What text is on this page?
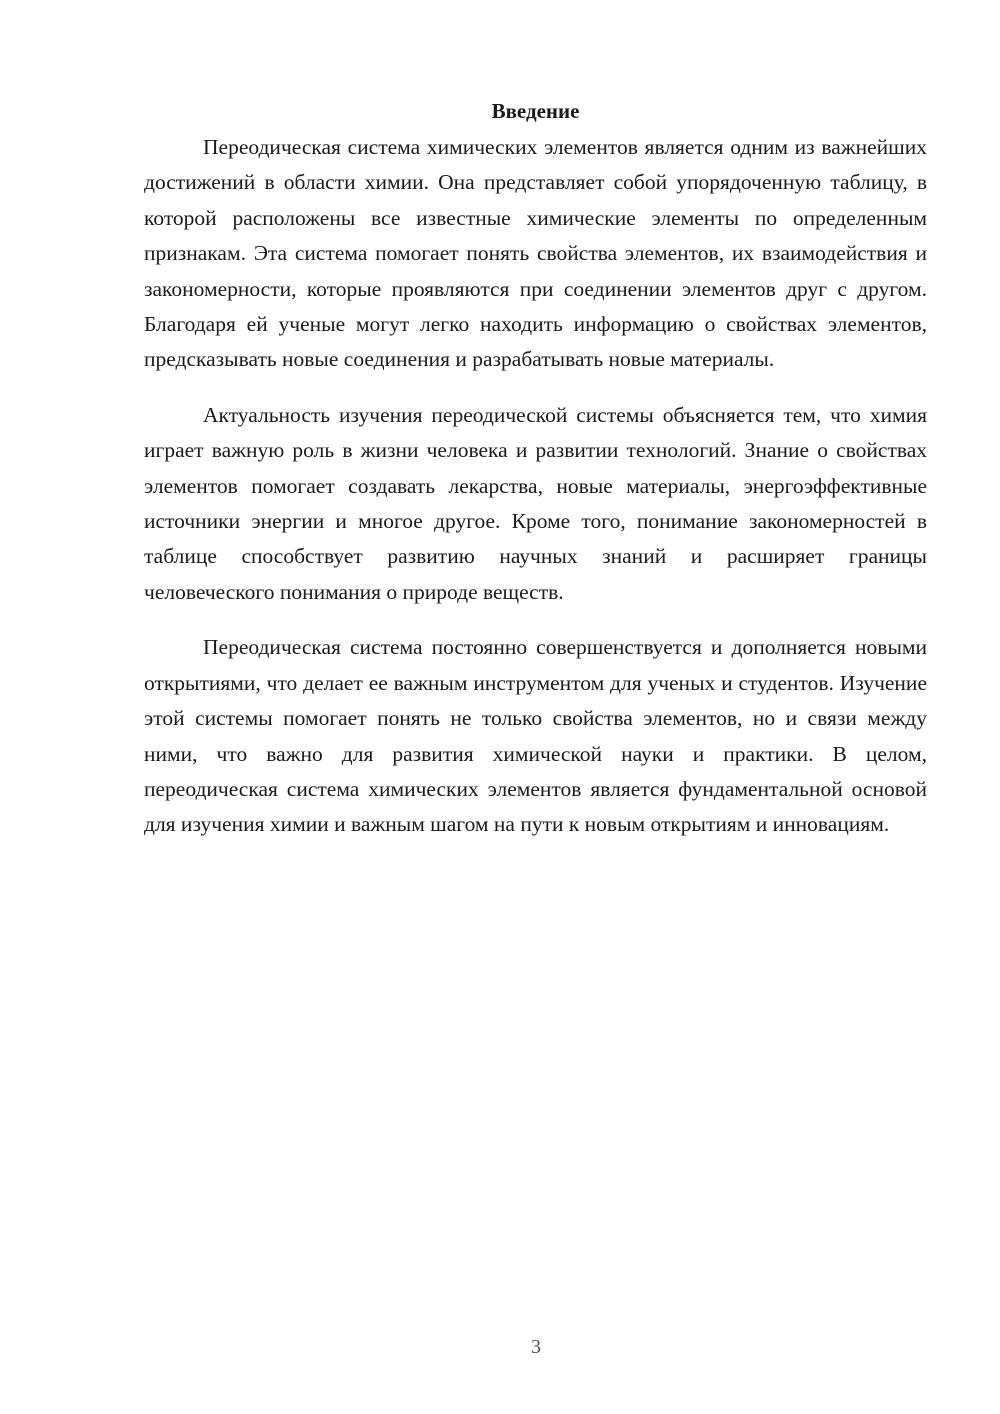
Введение

Переодическая система химических элементов является одним из важнейших достижений в области химии. Она представляет собой упорядоченную таблицу, в которой расположены все известные химические элементы по определенным признакам. Эта система помогает понять свойства элементов, их взаимодействия и закономерности, которые проявляются при соединении элементов друг с другом. Благодаря ей ученые могут легко находить информацию о свойствах элементов, предсказывать новые соединения и разрабатывать новые материалы.

Актуальность изучения переодической системы объясняется тем, что химия играет важную роль в жизни человека и развитии технологий. Знание о свойствах элементов помогает создавать лекарства, новые материалы, энергоэффективные источники энергии и многое другое. Кроме того, понимание закономерностей в таблице способствует развитию научных знаний и расширяет границы человеческого понимания о природе веществ.

Переодическая система постоянно совершенствуется и дополняется новыми открытиями, что делает ее важным инструментом для ученых и студентов. Изучение этой системы помогает понять не только свойства элементов, но и связи между ними, что важно для развития химической науки и практики. В целом, переодическая система химических элементов является фундаментальной основой для изучения химии и важным шагом на пути к новым открытиям и инновациям.

3
